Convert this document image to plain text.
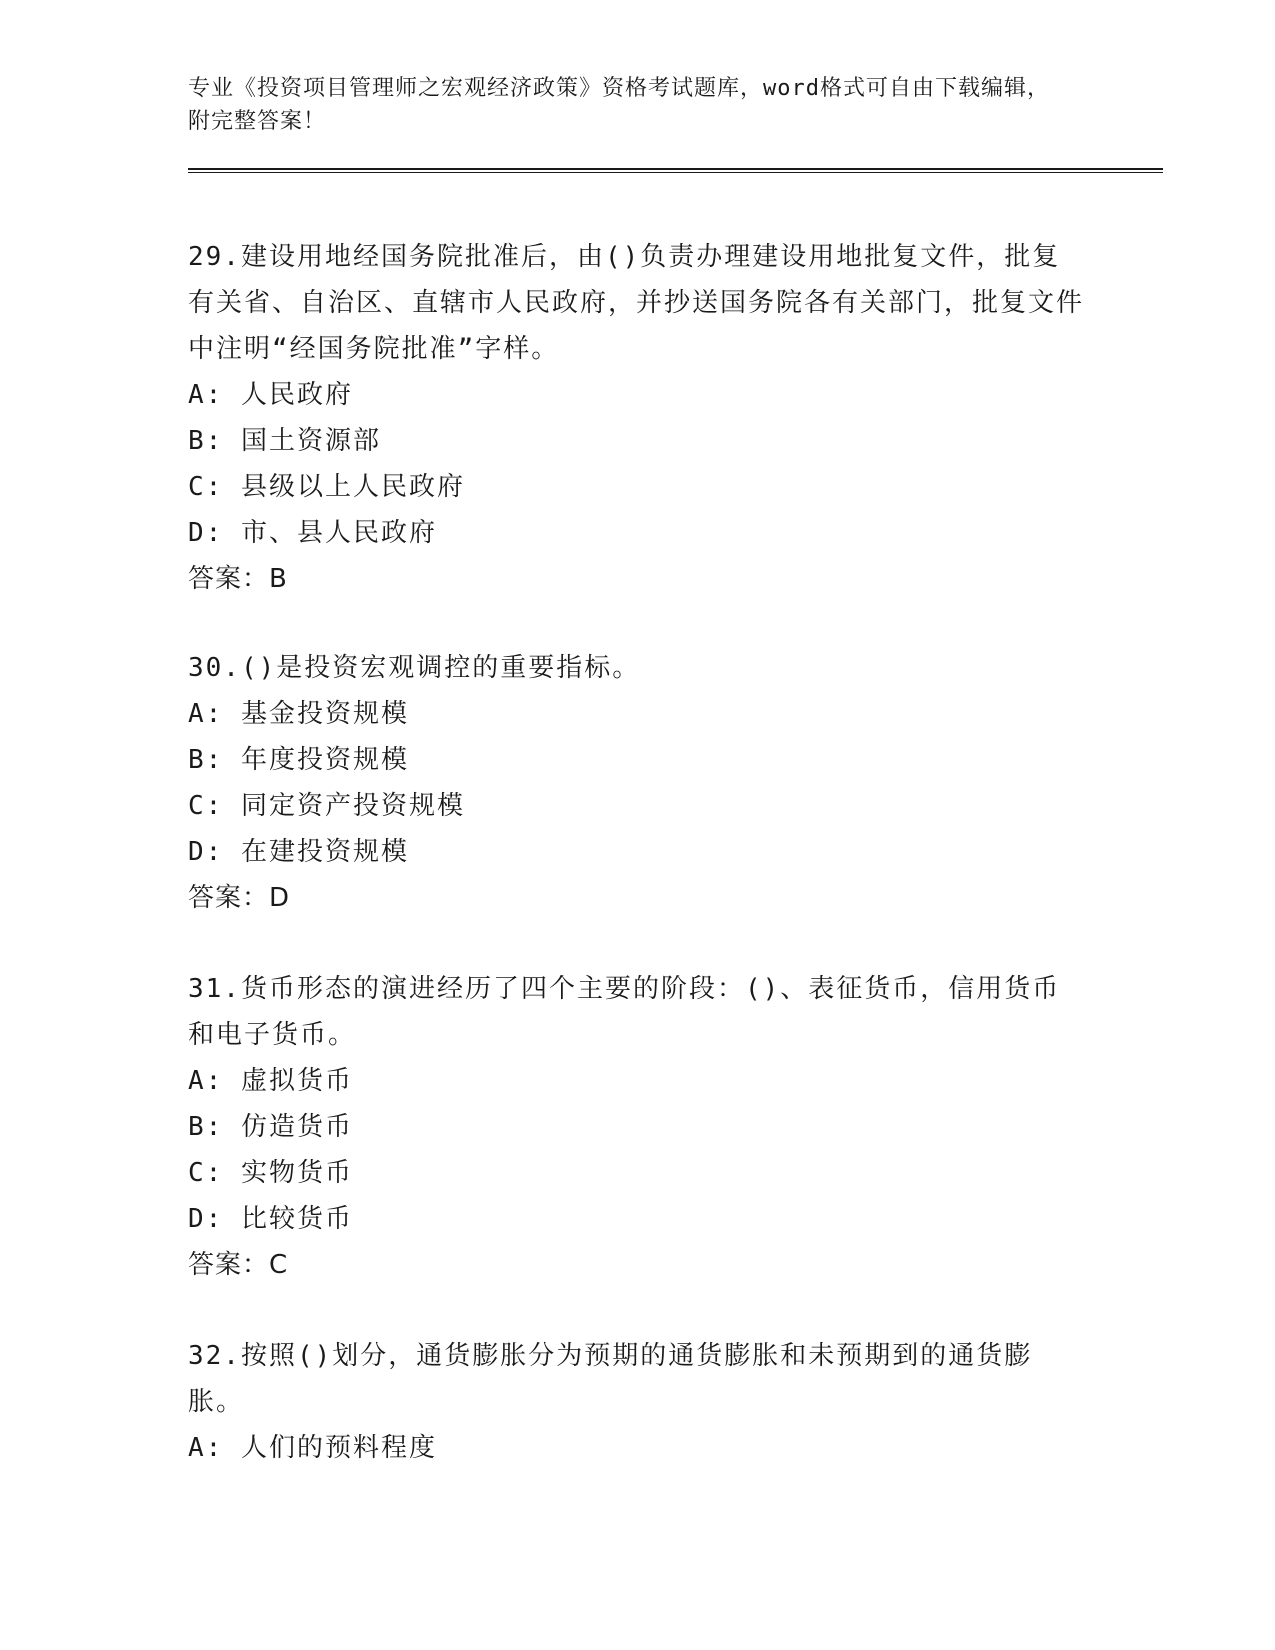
专业《投资项目管理师之宏观经济政策》资格考试题库，word格式可自由下载编辑，附完整答案！
29.建设用地经国务院批准后，由()负责办理建设用地批复文件，批复有关省、自治区、直辖市人民政府，并抄送国务院各有关部门，批复文件中注明“经国务院批准”字样。
A: 人民政府
B: 国土资源部
C: 县级以上人民政府
D: 市、县人民政府
答案：B
30.()是投资宏观调控的重要指标。
A: 基金投资规模
B: 年度投资规模
C: 同定资产投资规模
D: 在建投资规模
答案：D
31.货币形态的演进经历了四个主要的阶段：()、表征货币，信用货币和电子货币。
A: 虚拟货币
B: 仿造货币
C: 实物货币
D: 比较货币
答案：C
32.按照()划分，通货膨胀分为预期的通货膨胀和未预期到的通货膨胀。
A: 人们的预料程度
